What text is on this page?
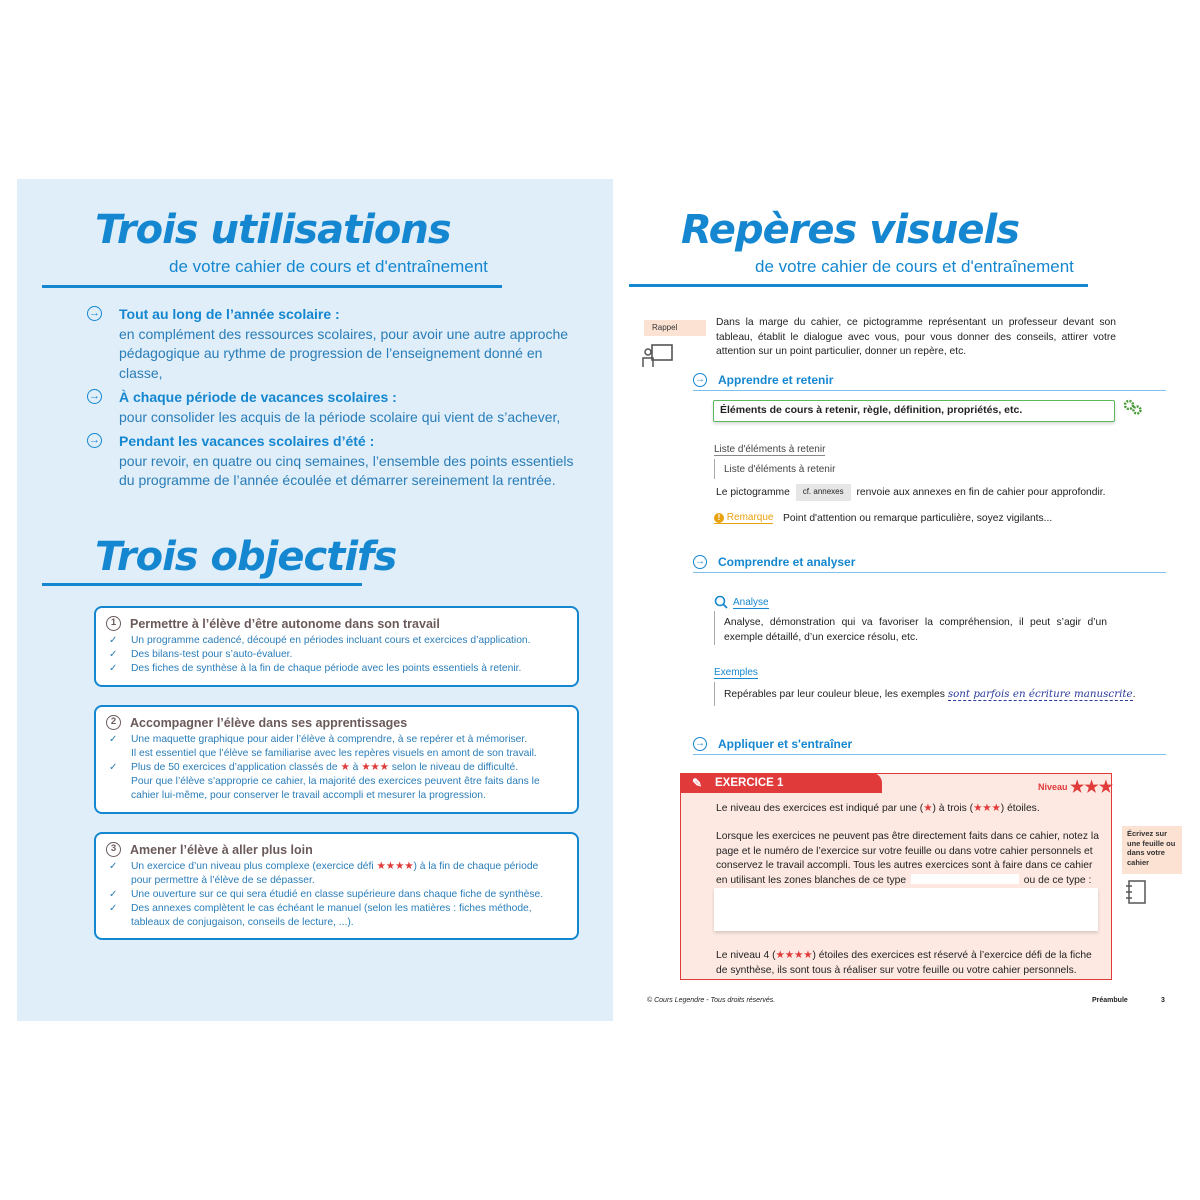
Trois utilisations
de votre cahier de cours et d'entraînement
→ Tout au long de l’année scolaire :
en complément des ressources scolaires, pour avoir une autre approche pédagogique au rythme de progression de l’enseignement donné en classe,
→ À chaque période de vacances scolaires :
pour consolider les acquis de la période scolaire qui vient de s’achever,
→ Pendant les vacances scolaires d’été :
pour revoir, en quatre ou cinq semaines, l’ensemble des points essentiels du programme de l’année écoulée et démarrer sereinement la rentrée.
Trois objectifs
1	Permettre à l’élève d’être autonome dans son travail
✓ Un programme cadencé, découpé en périodes incluant cours et exercices d’application.
✓ Des bilans-test pour s’auto-évaluer.
✓ Des fiches de synthèse à la fin de chaque période avec les points essentiels à retenir.
2	Accompagner l’élève dans ses apprentissages
✓ Une maquette graphique pour aider l’élève à comprendre, à se repérer et à mémoriser.
Il est essentiel que l’élève se familiarise avec les repères visuels en amont de son travail.
✓ Plus de 50 exercices d’application classés de ★ à ★★★ selon le niveau de difficulté.
Pour que l’élève s’approprie ce cahier, la majorité des exercices peuvent être faits dans le
cahier lui-même, pour conserver le travail accompli et mesurer la progression.
3	Amener l’élève à aller plus loin
✓ Un exercice d’un niveau plus complexe (exercice défi ★★★★) à la fin de chaque période
pour permettre à l’élève de se dépasser.
✓ Une ouverture sur ce qui sera étudié en classe supérieure dans chaque fiche de synthèse.
✓ Des annexes complètent le cas échéant le manuel (selon les matières : fiches méthode,
tableaux de conjugaison, conseils de lecture, ...).
Repères visuels
de votre cahier de cours et d'entraînement
Rappel	Dans la marge du cahier, ce pictogramme représentant un professeur devant son tableau, établit le dialogue avec vous, pour vous donner des conseils, attirer votre attention sur un point particulier, donner un repère, etc.
→ Apprendre et retenir
Éléments de cours à retenir, règle, définition, propriétés, etc.
Liste d'éléments à retenir
Liste d'éléments à retenir
Le pictogramme cf. annexes renvoie aux annexes en fin de cahier pour approfondir.
! Remarque Point d'attention ou remarque particulière, soyez vigilants...
→ Comprendre et analyser
Analyse
Analyse, démonstration qui va favoriser la compréhension, il peut s’agir d’un exemple détaillé, d’un exercice résolu, etc.
Exemples
Repérables par leur couleur bleue, les exemples sont parfois en écriture manuscrite.
→ Appliquer et s'entraîner
✎ EXERCICE 1	Niveau ★★★
Le niveau des exercices est indiqué par une (★) à trois (★★★) étoiles.
Lorsque les exercices ne peuvent pas être directement faits dans ce cahier, notez la page et le numéro de l’exercice sur votre feuille ou dans votre cahier personnels et conservez le travail accompli. Tous les autres exercices sont à faire dans ce cahier en utilisant les zones blanches de ce type	ou de ce type :
Le niveau 4 (★★★★) étoiles des exercices est réservé à l’exercice défi de la fiche de synthèse, ils sont tous à réaliser sur votre feuille ou votre cahier personnels.
Écrivez sur une feuille ou dans votre cahier
© Cours Legendre - Tous droits réservés.	Préambule	3
